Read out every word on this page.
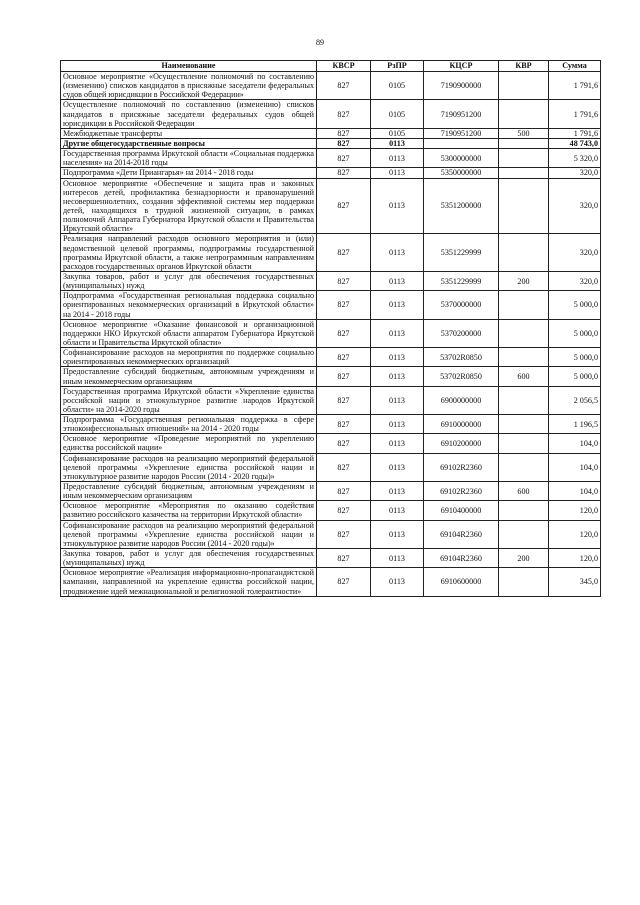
89
Наименование	КВСР	РзПР	КЦСР	КВР	Сумма
Основное мероприятие «Осуществление полномочий по составлению (изменению) списков кандидатов в присяжные заседатели федеральных судов общей юрисдикции в Российской Федерации»	827	0105	7190900000		1 791,6
Осуществление полномочий по составлению (изменению) списков кандидатов в присяжные заседатели федеральных судов общей юрисдикции в Российской Федерации	827	0105	7190951200		1 791,6
Межбюджетные трансферты	827	0105	7190951200	500	1 791,6
Другие общегосударственные вопросы	827	0113			48 743,0
Государственная программа Иркутской области «Социальная поддержка населения» на 2014-2018 годы	827	0113	5300000000		5 320,0
Подпрограмма «Дети Приангарья» на 2014 - 2018 годы	827	0113	5350000000		320,0
Основное мероприятие «Обеспечение и защита прав и законных интересов детей, профилактика безнадзорности и правонарушений несовершеннолетних, создания эффективной системы мер поддержки детей, находящихся в трудной жизненной ситуации, в рамках полномочий Аппарата Губернатора Иркутской области и Правительства Иркутской области»	827	0113	5351200000		320,0
Реализация направлений расходов основного мероприятия и (или) ведомственной целевой программы, подпрограммы государственной программы Иркутской области, а также непрограммным направлениям расходов государственных органов Иркутской области	827	0113	5351229999		320,0
Закупка товаров, работ и услуг для обеспечения государственных (муниципальных) нужд	827	0113	5351229999	200	320,0
Подпрограмма «Государственная региональная поддержка социально ориентированных некоммерческих организаций в Иркутской области» на 2014 - 2018 годы	827	0113	5370000000		5 000,0
Основное мероприятие «Оказание финансовой и организационной поддержки НКО Иркутской области аппаратом Губернатора Иркутской области и Правительства Иркутской области»	827	0113	5370200000		5 000,0
Софинансирование расходов на мероприятия по поддержке социально ориентированных некоммерческих организаций	827	0113	53702R0850		5 000,0
Предоставление субсидий бюджетным, автономным учреждениям и иным некоммерческим организациям	827	0113	53702R0850	600	5 000,0
Государственная программа Иркутской области «Укрепление единства российской нации и этнокультурное развитие народов Иркутской области» на 2014-2020 годы	827	0113	6900000000		2 056,5
Подпрограмма «Государственная региональная поддержка в сфере этноконфессиональных отношений» на 2014 - 2020 годы	827	0113	6910000000		1 196,5
Основное мероприятие «Проведение мероприятий по укреплению единства российской нации»	827	0113	6910200000		104,0
Софинансирование расходов на реализацию мероприятий федеральной целевой программы «Укрепление единства российской нации и этнокультурное развитие народов России (2014 - 2020 годы)»	827	0113	69102R2360		104,0
Предоставление субсидий бюджетным, автономным учреждениям и иным некоммерческим организациям	827	0113	69102R2360	600	104,0
Основное мероприятие «Мероприятия по оказанию содействия развитию российского казачества на территории Иркутской области»	827	0113	6910400000		120,0
Софинансирование расходов на реализацию мероприятий федеральной целевой программы «Укрепление единства российской нации и этнокультурное развитие народов России (2014 - 2020 годы)»	827	0113	69104R2360		120,0
Закупка товаров, работ и услуг для обеспечения государственных (муниципальных) нужд	827	0113	69104R2360	200	120,0
Основное мероприятие «Реализация информационно-пропагандистской кампании, направленной на укрепление единства российской нации, продвижение идей межнациональной и религиозной толерантности»	827	0113	6910600000		345,0
